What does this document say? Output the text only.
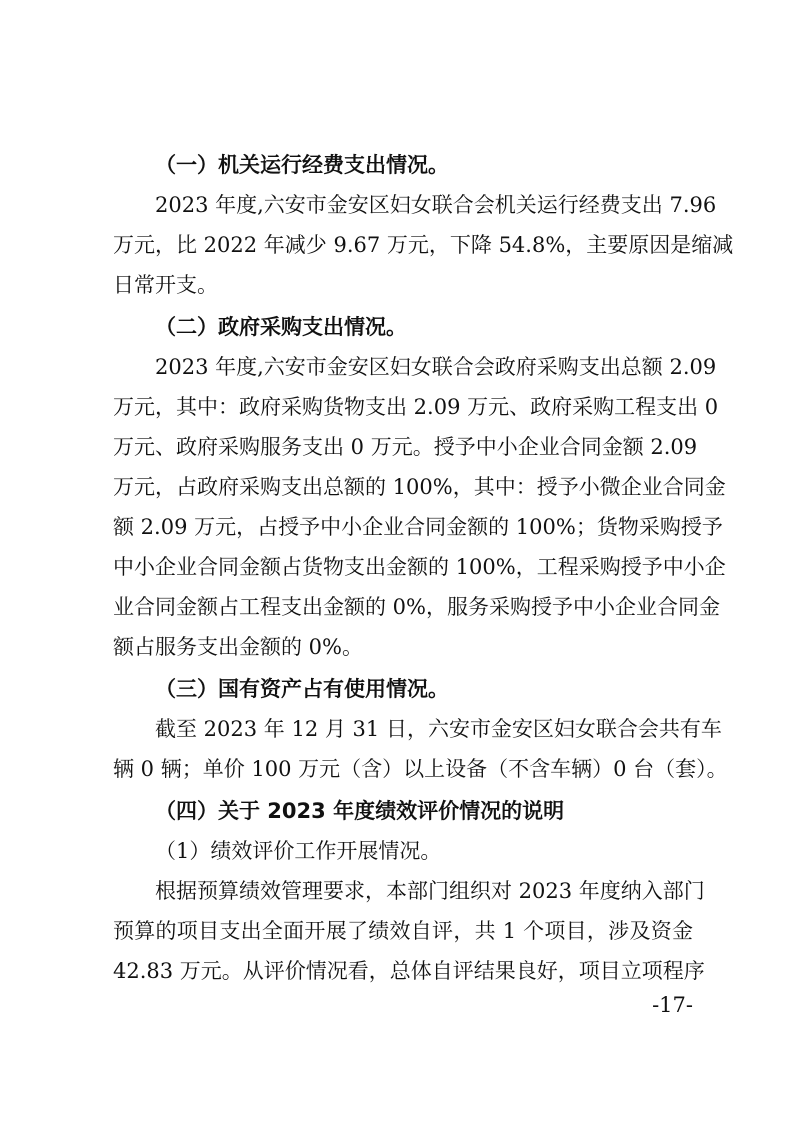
（一）机关运行经费支出情况。
　　2023 年度,六安市金安区妇女联合会机关运行经费支出 7.96
万元，比 2022 年减少 9.67 万元，下降 54.8%，主要原因是缩减
日常开支。
（二）政府采购支出情况。
　　2023 年度,六安市金安区妇女联合会政府采购支出总额 2.09
万元，其中：政府采购货物支出 2.09 万元、政府采购工程支出 0
万元、政府采购服务支出 0 万元。授予中小企业合同金额 2.09
万元，占政府采购支出总额的 100%，其中：授予小微企业合同金
额 2.09 万元，占授予中小企业合同金额的 100%；货物采购授予
中小企业合同金额占货物支出金额的 100%，工程采购授予中小企
业合同金额占工程支出金额的 0%，服务采购授予中小企业合同金
额占服务支出金额的 0%。
（三）国有资产占有使用情况。
　　截至 2023 年 12 月 31 日，六安市金安区妇女联合会共有车
辆 0 辆；单价 100 万元（含）以上设备（不含车辆）0 台（套）。
（四）关于 2023 年度绩效评价情况的说明
（1）绩效评价工作开展情况。
　　根据预算绩效管理要求，本部门组织对 2023 年度纳入部门
预算的项目支出全面开展了绩效自评，共 1 个项目，涉及资金
42.83 万元。从评价情况看，总体自评结果良好，项目立项程序
-17-
